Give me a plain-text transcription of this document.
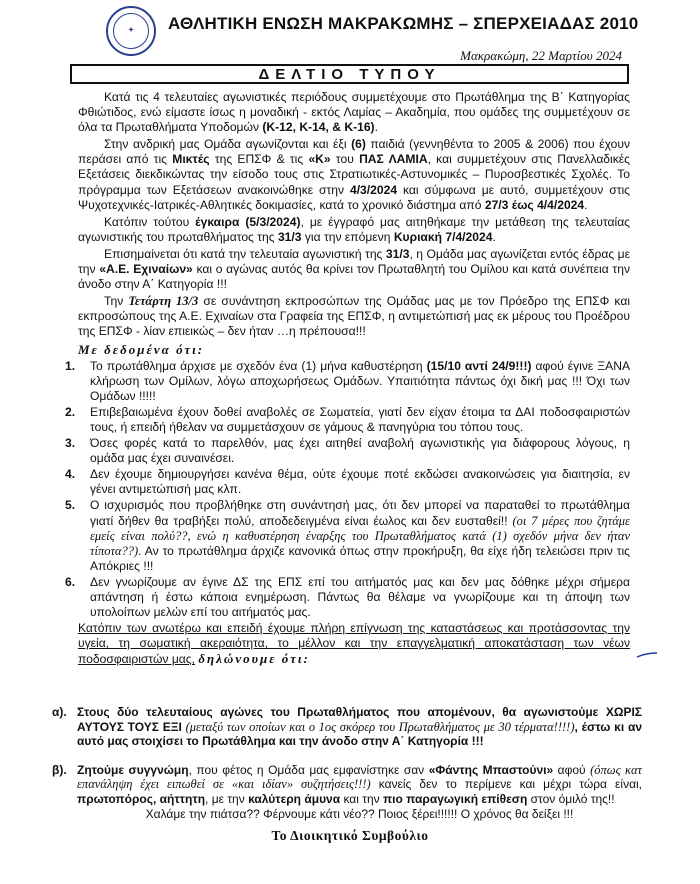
✦	ΑΘΛΗΤΙΚΗ ΕΝΩΣΗ ΜΑΚΡΑΚΩΜΗΣ – ΣΠΕΡΧΕΙΑΔΑΣ 2010
Μακρακώμη, 22 Μαρτίου 2024
ΔΕΛΤΙΟ ΤΥΠΟΥ

Κατά τις 4 τελευταίες αγωνιστικές περιόδους συμμετέχουμε στο Πρωτάθλημα της Β΄ Κατηγορίας Φθιώτιδος, ενώ είμαστε ίσως η μοναδική - εκτός Λαμίας – Ακαδημία, που ομάδες της συμμετέχουν σε όλα τα Πρωταθλήματα Υποδομών (Κ-12, Κ-14, & Κ-16).

Στην ανδρική μας Ομάδα αγωνίζονται και έξι (6) παιδιά (γεννηθέντα το 2005 & 2006) που έχουν περάσει από τις Μικτές της ΕΠΣΦ & τις «Κ» του ΠΑΣ ΛΑΜΙΑ, και συμμετέχουν στις Πανελλαδικές Εξετάσεις διεκδικώντας την είσοδο τους στις Στρατιωτικές-Αστυνομικές – Πυροσβεστικές Σχολές. Το πρόγραμμα των Εξετάσεων ανακοινώθηκε στην 4/3/2024 και σύμφωνα με αυτό, συμμετέχουν στις Ψυχοτεχνικές-Ιατρικές-Αθλητικές δοκιμασίες, κατά το χρονικό διάστημα από 27/3 έως 4/4/2024.

Κατόπιν τούτου έγκαιρα (5/3/2024), με έγγραφό μας αιτηθήκαμε την μετάθεση της τελευταίας αγωνιστικής του πρωταθλήματος της 31/3 για την επόμενη Κυριακή 7/4/2024.

Επισημαίνεται ότι κατά την τελευταία αγωνιστική της 31/3, η Ομάδα μας αγωνίζεται εντός έδρας με την «Α.Ε. Εχιναίων» και ο αγώνας αυτός θα κρίνει τον Πρωταθλητή του Ομίλου και κατά συνέπεια την άνοδο στην Α΄ Κατηγορία !!!

Την Τετάρτη 13/3 σε συνάντηση εκπροσώπων της Ομάδας μας με τον Πρόεδρο της ΕΠΣΦ και εκπροσώπους της Α.Ε. Εχιναίων στα Γραφεία της ΕΠΣΦ, η αντιμετώπισή μας εκ μέρους του Προέδρου της ΕΠΣΦ - λίαν επιεικώς – δεν ήταν …η πρέπουσα!!!

Με δεδομένα ότι:

1. Το πρωτάθλημα άρχισε με σχεδόν ένα (1) μήνα καθυστέρηση (15/10 αντί 24/9!!!) αφού έγινε ΞΑΝΑ κλήρωση των Ομίλων, λόγω αποχωρήσεως Ομάδων. Υπαιτιότητα πάντως όχι δική μας !!! Όχι των Ομάδων !!!!!
2. Επιβεβαιωμένα έχουν δοθεί αναβολές σε Σωματεία, γιατί δεν είχαν έτοιμα τα ΔΑΙ ποδοσφαιριστών τους, ή επειδή ήθελαν να συμμετάσχουν σε γάμους & πανηγύρια του τόπου τους.
3. Όσες φορές κατά το παρελθόν, μας έχει αιτηθεί αναβολή αγωνιστικής για διάφορους λόγους, η ομάδα μας έχει συναινέσει.
4. Δεν έχουμε δημιουργήσει κανένα θέμα, ούτε έχουμε ποτέ εκδώσει ανακοινώσεις για διαιτησία, εν γένει αντιμετώπισή μας κλπ.
5. Ο ισχυρισμός που προβλήθηκε στη συνάντησή μας, ότι δεν μπορεί να παραταθεί το πρωτάθλημα γιατί δήθεν θα τραβήξει πολύ, αποδεδειγμένα είναι έωλος και δεν ευσταθεί!! (οι 7 μέρες που ζητάμε εμείς είναι πολύ??, ενώ η καθυστέρηση έναρξης του Πρωταθλήματος κατά (1) σχεδόν μήνα δεν ήταν τίποτα??). Αν το πρωτάθλημα άρχιζε κανονικά όπως στην προκήρυξη, θα είχε ήδη τελειώσει πριν τις Απόκριες !!!
6. Δεν γνωρίζουμε αν έγινε ΔΣ της ΕΠΣ επί του αιτήματός μας και δεν μας δόθηκε μέχρι σήμερα απάντηση ή έστω κάποια ενημέρωση. Πάντως θα θέλαμε να γνωρίζουμε και τη άποψη των υπολοίπων μελών επί του αιτήματός μας.

Κατόπιν των ανωτέρω και επειδή έχουμε πλήρη επίγνωση της καταστάσεως και προτάσσοντας την υγεία, τη σωματική ακεραιότητα, το μέλλον και την επαγγελματική αποκατάσταση των νέων ποδοσφαιριστών μας, δηλώνουμε ότι:

α). Στους δύο τελευταίους αγώνες του Πρωταθλήματος που απομένουν, θα αγωνιστούμε ΧΩΡΙΣ ΑΥΤΟΥΣ ΤΟΥΣ ΕΞΙ (μεταξύ των οποίων και ο 1ος σκόρερ του Πρωταθλήματος με 30 τέρματα!!!!), έστω κι αν αυτό μας στοιχίσει το Πρωτάθλημα και την άνοδο στην Α΄ Κατηγορία !!!
β). Ζητούμε συγγνώμη, που φέτος η Ομάδα μας εμφανίστηκε σαν «Φάντης Μπαστούνι» αφού (όπως κατ επανάληψη έχει ειπωθεί σε «και ιδίαν» συζητήσεις!!!) κανείς δεν το περίμενε και μέχρι τώρα είναι, πρωτοπόρος, αήττητη, με την καλύτερη άμυνα και την πιο παραγωγική επίθεση στον όμιλό της!!
Χαλάμε την πιάτσα?? Φέρνουμε κάτι νέο?? Ποιος ξέρει!!!!!! Ο χρόνος θα δείξει !!!
Το Διοικητικό Συμβούλιο
